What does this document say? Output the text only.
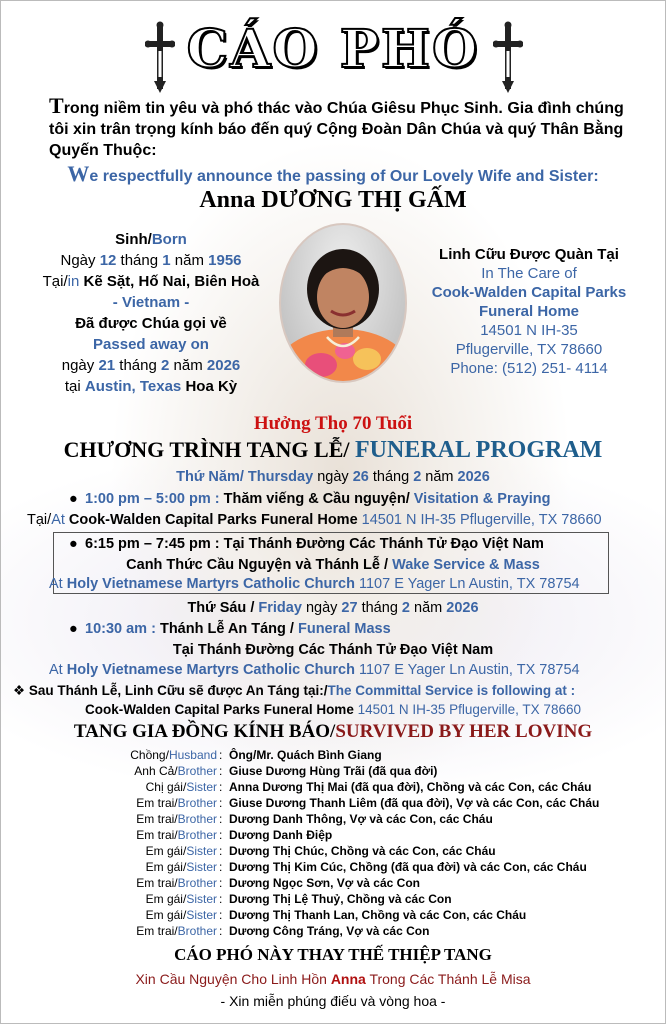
CÁO PHÓ
Trong niềm tin yêu và phó thác vào Chúa Giêsu Phục Sinh. Gia đình chúng tôi xin trân trọng kính báo đến quý Cộng Đoàn Dân Chúa và quý Thân Bằng Quyến Thuộc:
We respectfully announce the passing of Our Lovely Wife and Sister:
Anna DƯƠNG THỊ GẤM
Sinh/Born
Ngày 12 tháng 1 năm 1956
Tại/in Kẽ Sặt, Hố Nai, Biên Hoà
- Vietnam -
Đã được Chúa gọi về
Passed away on
ngày 21 tháng 2 năm 2026
tại Austin, Texas Hoa Kỳ
Linh Cữu Được Quàn Tại
In The Care of
Cook-Walden Capital Parks
Funeral Home
14501 N IH-35
Pflugerville, TX 78660
Phone: (512) 251- 4114
Hưởng Thọ 70 Tuổi
CHƯƠNG TRÌNH TANG LỄ/ FUNERAL PROGRAM
Thứ Năm/ Thursday ngày 26 tháng 2 năm 2026
● 1:00 pm – 5:00 pm : Thăm viếng & Cầu nguyện/ Visitation & Praying
Tại/At Cook-Walden Capital Parks Funeral Home 14501 N IH-35 Pflugerville, TX 78660
● 6:15 pm – 7:45 pm : Tại Thánh Đường Các Thánh Tử Đạo Việt Nam
Canh Thức Cầu Nguyện và Thánh Lễ / Wake Service & Mass
At Holy Vietnamese Martyrs Catholic Church 1107 E Yager Ln Austin, TX 78754
Thứ Sáu / Friday ngày 27 tháng 2 năm 2026
● 10:30 am : Thánh Lễ An Táng / Funeral Mass
Tại Thánh Đường Các Thánh Tử Đạo Việt Nam
At Holy Vietnamese Martyrs Catholic Church 1107 E Yager Ln Austin, TX 78754
❖ Sau Thánh Lễ, Linh Cữu sẽ được An Táng tại:/The Committal Service is following at :
Cook-Walden Capital Parks Funeral Home 14501 N IH-35 Pflugerville, TX 78660
TANG GIA ĐỒNG KÍNH BÁO/SURVIVED BY HER LOVING
Chồng/Husband : Ông/Mr. Quách Bình Giang
Anh Cả/Brother : Giuse Dương Hùng Trãi (đã qua đời)
Chị gái/Sister : Anna Dương Thị Mai (đã qua đời), Chồng và các Con, các Cháu
Em trai/Brother : Giuse Dương Thanh Liêm (đã qua đời), Vợ và các Con, các Cháu
Em trai/Brother : Dương Danh Thông, Vợ và các Con, các Cháu
Em trai/Brother : Dương Danh Điệp
Em gái/Sister : Dương Thị Chúc, Chồng và các Con, các Cháu
Em gái/Sister : Dương Thị Kim Cúc, Chồng (đã qua đời) và các Con, các Cháu
Em trai/Brother : Dương Ngọc Sơn, Vợ và các Con
Em gái/Sister : Dương Thị Lệ Thuỷ, Chồng và các Con
Em gái/Sister : Dương Thị Thanh Lan, Chồng và các Con, các Cháu
Em trai/Brother : Dương Công Tráng, Vợ và các Con
CÁO PHÓ NÀY THAY THẾ THIỆP TANG
Xin Cầu Nguyện Cho Linh Hồn Anna Trong Các Thánh Lễ Misa
- Xin miễn phúng điếu và vòng hoa -
